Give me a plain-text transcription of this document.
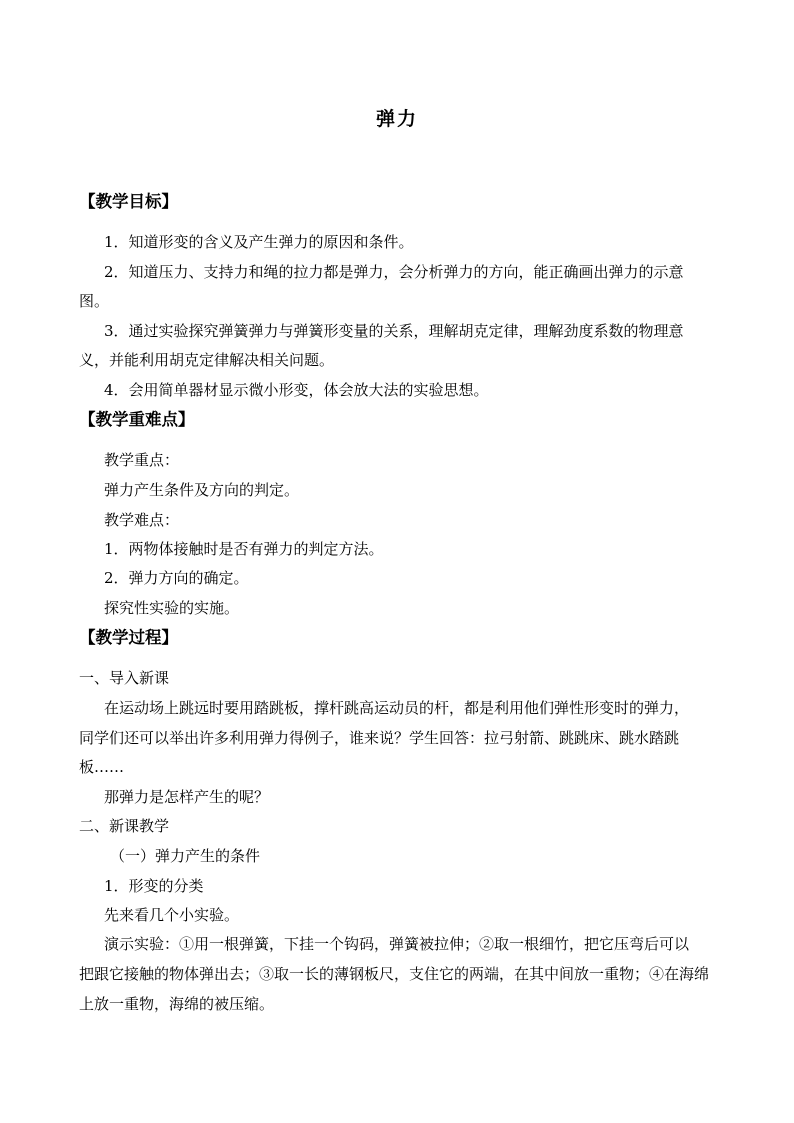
弹力
【教学目标】
1．知道形变的含义及产生弹力的原因和条件。
2．知道压力、支持力和绳的拉力都是弹力，会分析弹力的方向，能正确画出弹力的示意
图。
3．通过实验探究弹簧弹力与弹簧形变量的关系，理解胡克定律，理解劲度系数的物理意
义，并能利用胡克定律解决相关问题。
4．会用简单器材显示微小形变，体会放大法的实验思想。
【教学重难点】
教学重点：
弹力产生条件及方向的判定。
教学难点：
1．两物体接触时是否有弹力的判定方法。
2．弹力方向的确定。
探究性实验的实施。
【教学过程】
一、导入新课
在运动场上跳远时要用踏跳板，撑杆跳高运动员的杆，都是利用他们弹性形变时的弹力，
同学们还可以举出许多利用弹力得例子，谁来说？学生回答：拉弓射箭、跳跳床、跳水踏跳
板……
那弹力是怎样产生的呢？
二、新课教学
（一）弹力产生的条件
1．形变的分类
先来看几个小实验。
演示实验：①用一根弹簧，下挂一个钩码，弹簧被拉伸；②取一根细竹，把它压弯后可以
把跟它接触的物体弹出去；③取一长的薄钢板尺，支住它的两端，在其中间放一重物；④在海绵
上放一重物，海绵的被压缩。
